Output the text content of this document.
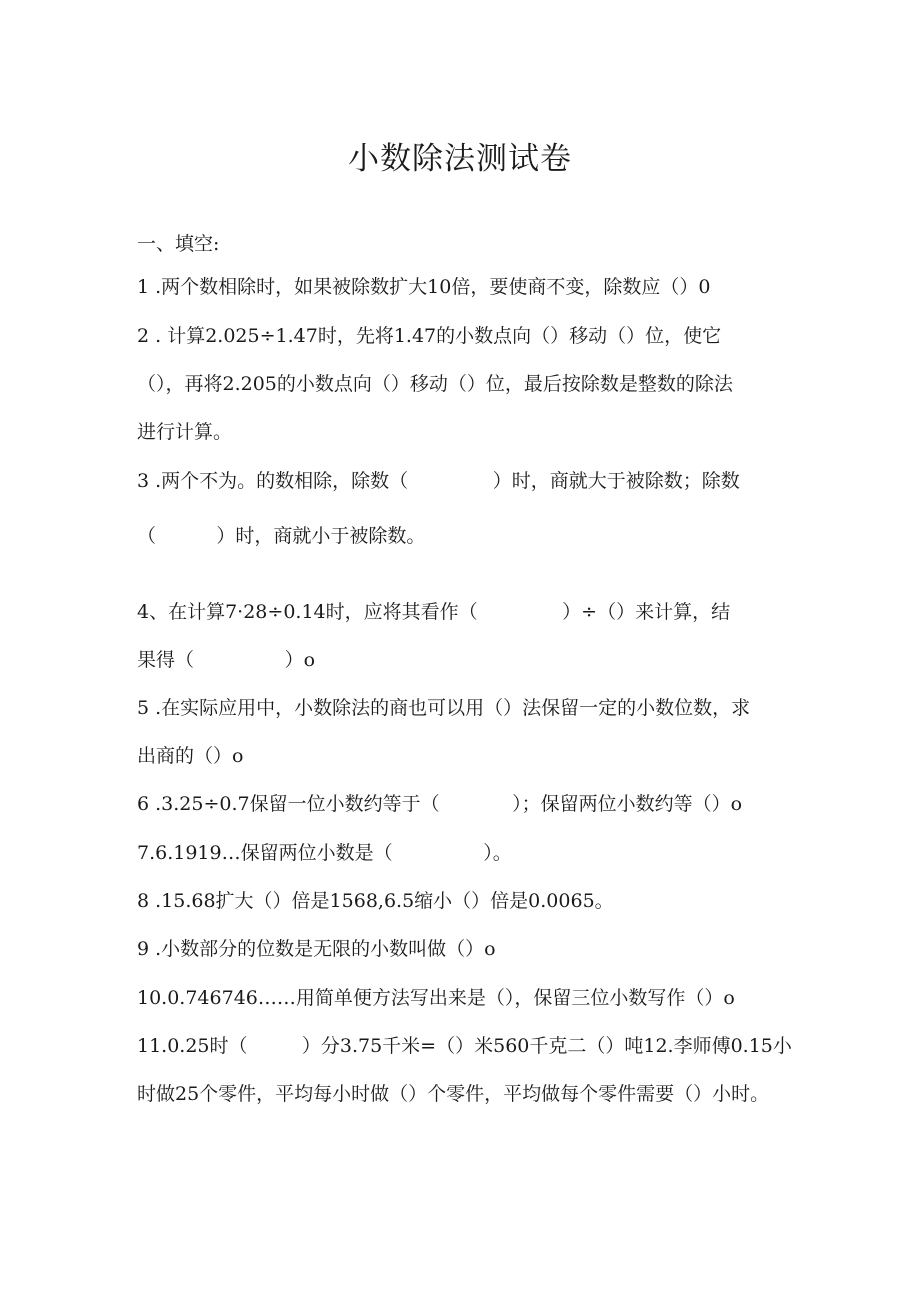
小数除法测试卷
一、填空:
1 .两个数相除时，如果被除数扩大10倍，要使商不变，除数应（）0
2 . 计算2.025÷1.47时，先将1.47的小数点向（）移动（）位，使它
（），再将2.205的小数点向（）移动（）位，最后按除数是整数的除法
进行计算。
3 .两个不为。的数相除，除数（              ）时，商就大于被除数；除数
（          ）时，商就小于被除数。
4、在计算7·28÷0.14时，应将其看作（              ）÷（）来计算，结
果得（               ）o
5 .在实际应用中，小数除法的商也可以用（）法保留一定的小数位数，求
出商的（）o
6 .3.25÷0.7保留一位小数约等于（            ）；保留两位小数约等（）o
7.6.1919…保留两位小数是（               ）。
8 .15.68扩大（）倍是1568,6.5缩小（）倍是0.0065。
9 .小数部分的位数是无限的小数叫做（）o
10.0.746746……用简单便方法写出来是（），保留三位小数写作（）o
11.0.25时（         ）分3.75千米=（）米560千克二（）吨12.李师傅0.15小
时做25个零件，平均每小时做（）个零件，平均做每个零件需要（）小时。
